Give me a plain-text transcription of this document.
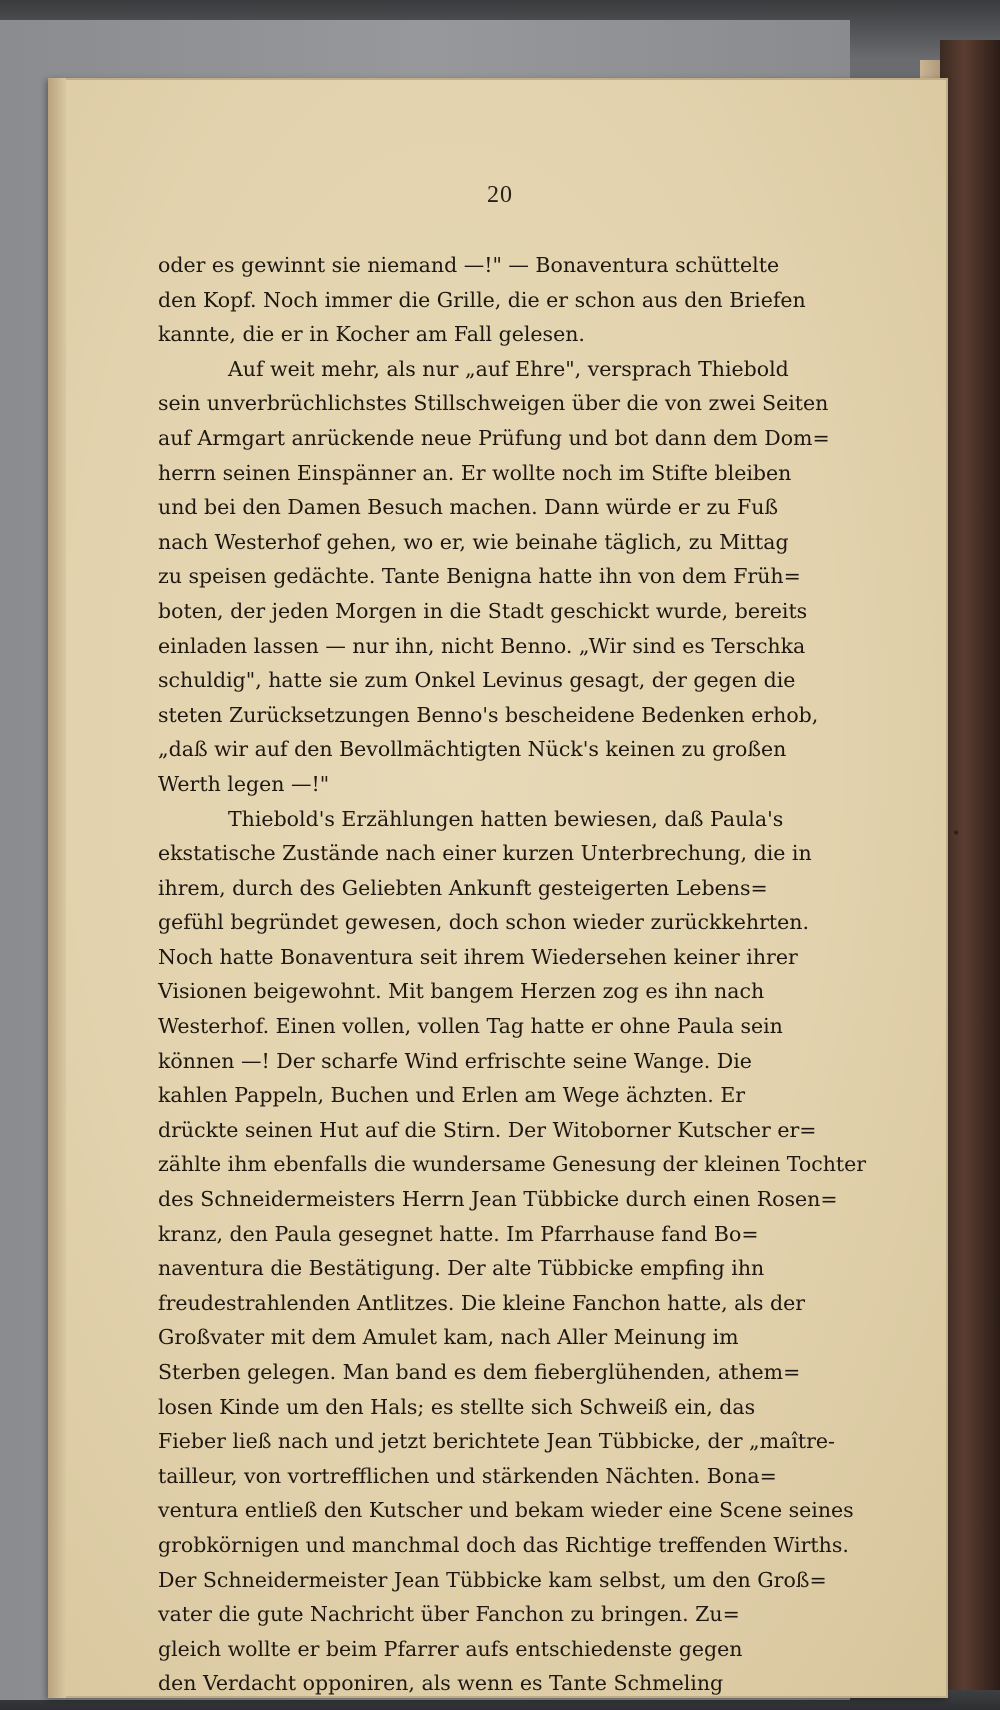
20
oder es gewinnt sie niemand —!" — Bonaventura schüttelte
den Kopf. Noch immer die Grille, die er schon aus den Briefen
kannte, die er in Kocher am Fall gelesen.
Auf weit mehr, als nur „auf Ehre", versprach Thiebold
sein unverbrüchlichstes Stillschweigen über die von zwei Seiten
auf Armgart anrückende neue Prüfung und bot dann dem Dom=
herrn seinen Einspänner an. Er wollte noch im Stifte bleiben
und bei den Damen Besuch machen. Dann würde er zu Fuß
nach Westerhof gehen, wo er, wie beinahe täglich, zu Mittag
zu speisen gedächte. Tante Benigna hatte ihn von dem Früh=
boten, der jeden Morgen in die Stadt geschickt wurde, bereits
einladen lassen — nur ihn, nicht Benno. „Wir sind es Terschka
schuldig", hatte sie zum Onkel Levinus gesagt, der gegen die
steten Zurücksetzungen Benno's bescheidene Bedenken erhob,
„daß wir auf den Bevollmächtigten Nück's keinen zu großen
Werth legen —!"
Thiebold's Erzählungen hatten bewiesen, daß Paula's
ekstatische Zustände nach einer kurzen Unterbrechung, die in
ihrem, durch des Geliebten Ankunft gesteigerten Lebens=
gefühl begründet gewesen, doch schon wieder zurückkehrten.
Noch hatte Bonaventura seit ihrem Wiedersehen keiner ihrer
Visionen beigewohnt. Mit bangem Herzen zog es ihn nach
Westerhof. Einen vollen, vollen Tag hatte er ohne Paula sein
können —! Der scharfe Wind erfrischte seine Wange. Die
kahlen Pappeln, Buchen und Erlen am Wege ächzten. Er
drückte seinen Hut auf die Stirn. Der Witoborner Kutscher er=
zählte ihm ebenfalls die wundersame Genesung der kleinen Tochter
des Schneidermeisters Herrn Jean Tübbicke durch einen Rosen=
kranz, den Paula gesegnet hatte. Im Pfarrhause fand Bo=
naventura die Bestätigung. Der alte Tübbicke empfing ihn
freudestrahlenden Antlitzes. Die kleine Fanchon hatte, als der
Großvater mit dem Amulet kam, nach Aller Meinung im
Sterben gelegen. Man band es dem fieberglühenden, athem=
losen Kinde um den Hals; es stellte sich Schweiß ein, das
Fieber ließ nach und jetzt berichtete Jean Tübbicke, der „maître-
tailleur, von vortrefflichen und stärkenden Nächten. Bona=
ventura entließ den Kutscher und bekam wieder eine Scene seines
grobkörnigen und manchmal doch das Richtige treffenden Wirths.
Der Schneidermeister Jean Tübbicke kam selbst, um den Groß=
vater die gute Nachricht über Fanchon zu bringen. Zu=
gleich wollte er beim Pfarrer aufs entschiedenste gegen
den Verdacht opponiren, als wenn es Tante Schmeling
•
